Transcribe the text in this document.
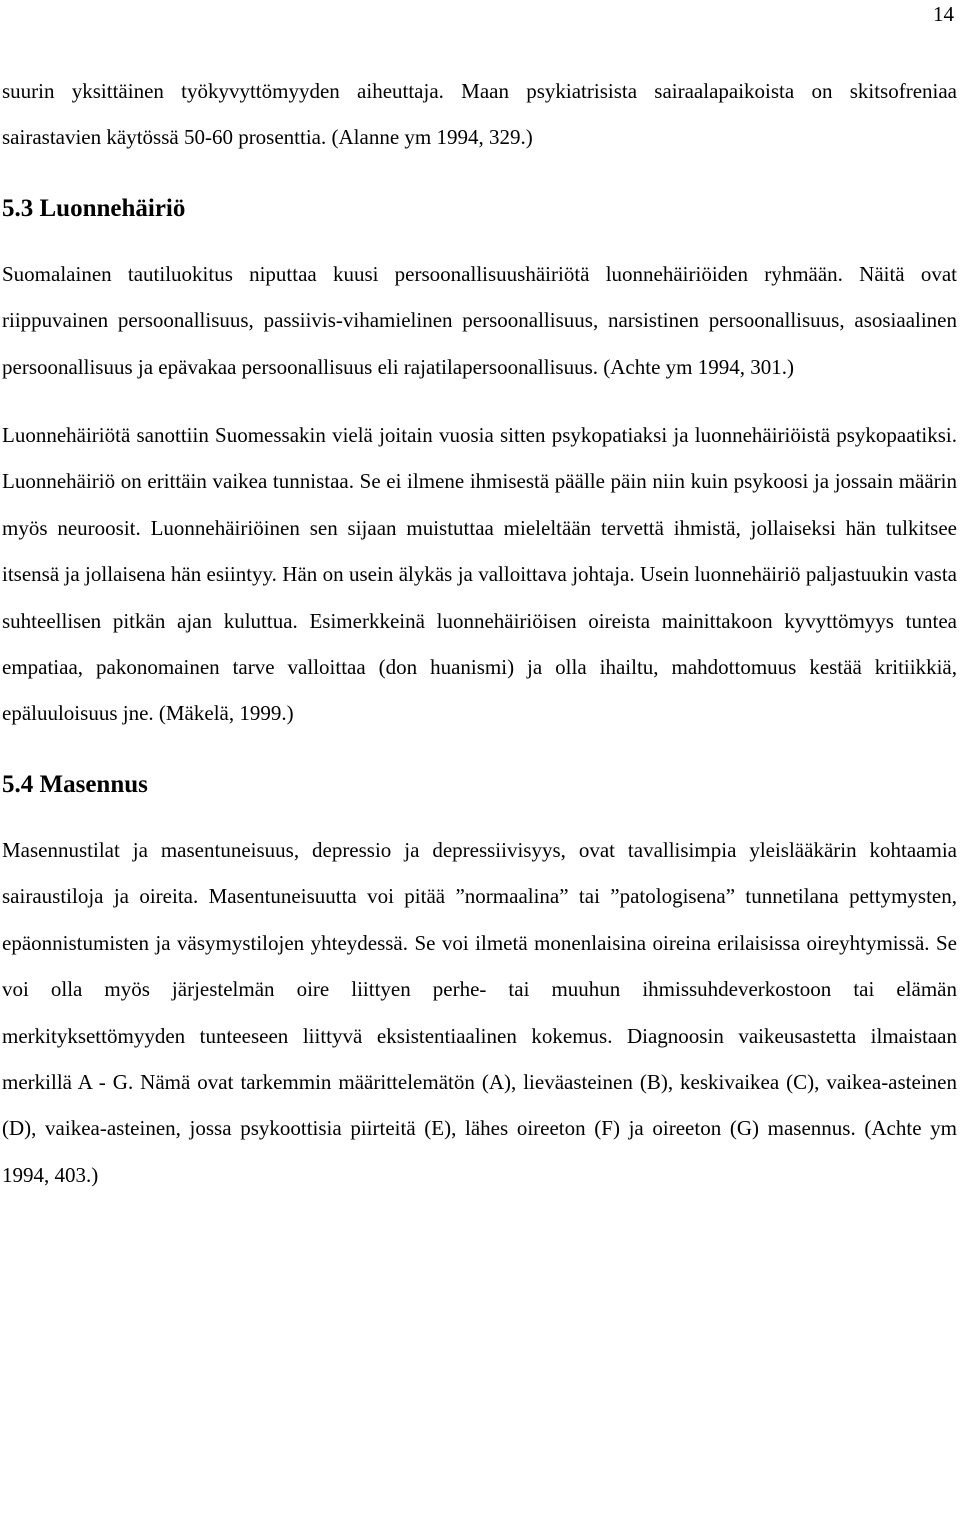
14

suurin yksittäinen työkyvyttömyyden aiheuttaja. Maan psykiatrisista sairaalapaikoista on skitsofreniaa sairastavien käytössä 50-60 prosenttia. (Alanne ym 1994, 329.)

5.3 Luonnehäiriö

Suomalainen tautiluokitus niputtaa kuusi persoonallisuushäiriötä luonnehäiriöiden ryhmään. Näitä ovat riippuvainen persoonallisuus, passiivis-vihamielinen persoonallisuus, narsistinen persoonallisuus, asosiaalinen persoonallisuus ja epävakaa persoonallisuus eli rajatilapersoonallisuus. (Achte ym 1994, 301.)

Luonnehäiriötä sanottiin Suomessakin vielä joitain vuosia sitten psykopatiaksi ja luonnehäiriöistä psykopaatiksi. Luonnehäiriö on erittäin vaikea tunnistaa. Se ei ilmene ihmisestä päälle päin niin kuin psykoosi ja jossain määrin myös neuroosit. Luonnehäiriöinen sen sijaan muistuttaa mieleltään tervettä ihmistä, jollaiseksi hän tulkitsee itsensä ja jollaisena hän esiintyy. Hän on usein älykäs ja valloittava johtaja. Usein luonnehäiriö paljastuukin vasta suhteellisen pitkän ajan kuluttua. Esimerkkeinä luonnehäiriöisen oireista mainittakoon kyvyttömyys tuntea empatiaa, pakonomainen tarve valloittaa (don huanismi) ja olla ihailtu, mahdottomuus kestää kritiikkiä, epäluuloisuus jne. (Mäkelä, 1999.)

5.4 Masennus

Masennustilat ja masentuneisuus, depressio ja depressiivisyys, ovat tavallisimpia yleislääkärin kohtaamia sairaustiloja ja oireita. Masentuneisuutta voi pitää ”normaalina” tai ”patologisena” tunnetilana pettymysten, epäonnistumisten ja väsymystilojen yhteydessä. Se voi ilmetä monenlaisina oireina erilaisissa oireyhtymissä. Se voi olla myös järjestelmän oire liittyen perhe- tai muuhun ihmissuhdeverkostoon tai elämän merkityksettömyyden tunteeseen liittyvä eksistentiaalinen kokemus. Diagnoosin vaikeusastetta ilmaistaan merkillä A - G. Nämä ovat tarkemmin määrittelemätön (A), lieväasteinen (B), keskivaikea (C), vaikea-asteinen (D), vaikea-asteinen, jossa psykoottisia piirteitä (E), lähes oireeton (F) ja oireeton (G) masennus. (Achte ym 1994, 403.)
